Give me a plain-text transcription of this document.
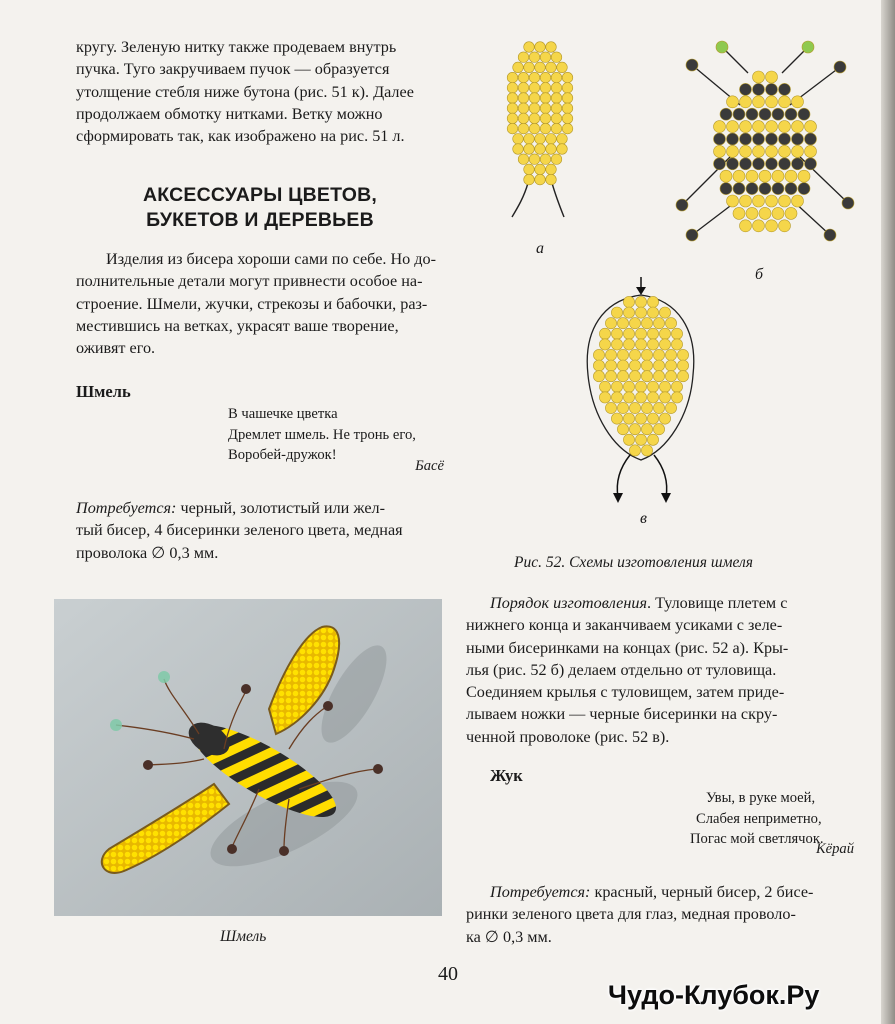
кругу. Зеленую нитку также продеваем внутрь

пучка. Туго закручиваем пучок — образуется

утолщение стебля ниже бутона (рис. 51 к). Далее

продолжаем обмотку нитками. Ветку можно

сформировать так, как изображено на рис. 51 л.

АКСЕССУАРЫ ЦВЕТОВ,
БУКЕТОВ И ДЕРЕВЬЕВ

Изделия из бисера хороши сами по себе. Но до-

полнительные детали могут привнести особое на-

строение. Шмели, жучки, стрекозы и бабочки, раз-

местившись на ветках, украсят ваше творение,

оживят его.

Шмель
В чашечке цветка
Дремлет шмель. Не тронь его,
Воробей-дружок!
Басё

Потребуется: черный, золотистый или жел-

тый бисер, 4 бисеринки зеленого цвета, медная

проволока ∅ 0,3 мм.

Шмель
а
б
в
Рис. 52. Схемы изготовления шмеля

Порядок изготовления. Туловище плетем с

нижнего конца и заканчиваем усиками с зеле-

ными бисеринками на концах (рис. 52 а). Кры-

лья (рис. 52 б) делаем отдельно от туловища.

Соединяем крылья с туловищем, затем приде-

лываем ножки — черные бисеринки на скру-

ченной проволоке (рис. 52 в).

Жук
Увы, в руке моей,
Слабея неприметно,
Погас мой светлячок.
Кёрай

Потребуется: красный, черный бисер, 2 бисе-

ринки зеленого цвета для глаз, медная проволо-

ка ∅ 0,3 мм.

40
Чудо-Клубок.Ру
